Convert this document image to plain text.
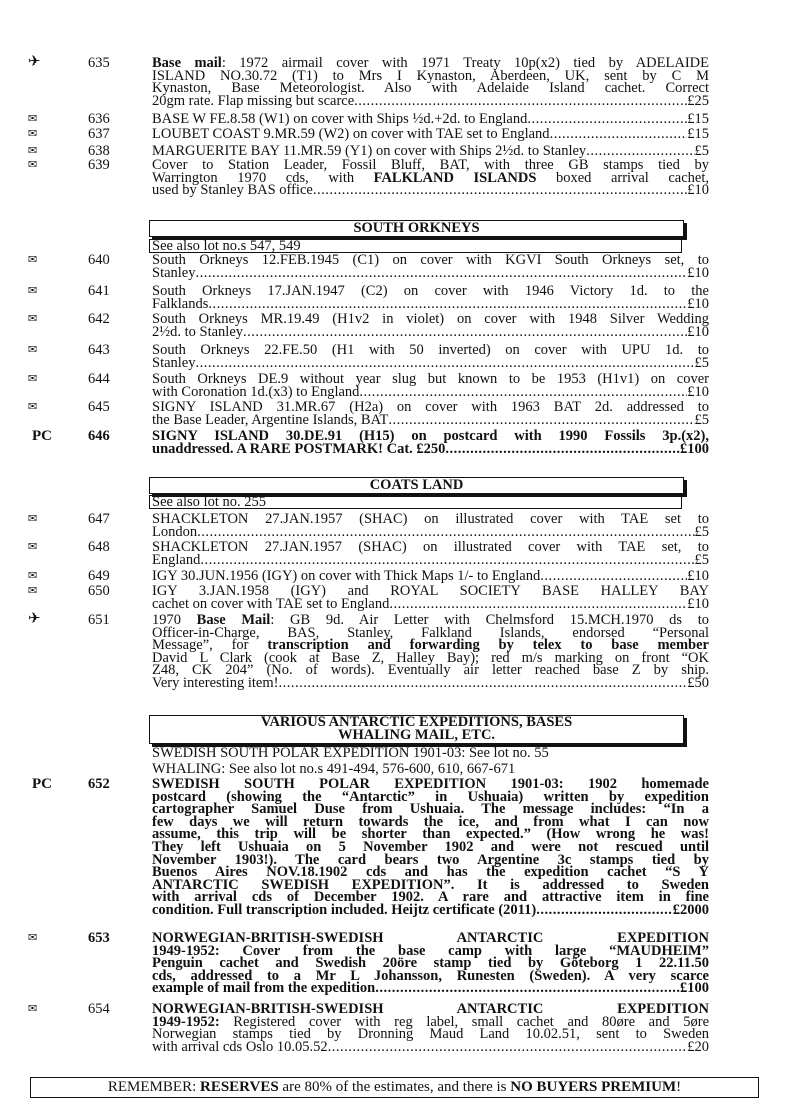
SOUTH ORKNEYS
See also lot no.s 547, 549
COATS LAND
See also lot no. 255
VARIOUS ANTARCTIC EXPEDITIONS, BASES
WHALING MAIL, ETC.
SWEDISH SOUTH POLAR EXPEDITION 1901-03: See lot no. 55
WHALING: See also lot no.s 491-494, 576-600, 610, 667-671
✈	635	Base mail: 1972 airmail cover with 1971 Treaty 10p(x2) tied by ADELAIDE
ISLAND NO.30.72 (T1) to Mrs I Kynaston, Aberdeen, UK, sent by C M
Kynaston, Base Meteorologist. Also with Adelaide Island cachet. Correct
20gm rate. Flap missing but scarce .....	£25
✉	636	BASE W FE.8.58 (W1) on cover with Ships ½d.+2d. to England .....	£15
✉	637	LOUBET COAST 9.MR.59 (W2) on cover with TAE set to England .....	£15
✉	638	MARGUERITE BAY 11.MR.59 (Y1) on cover with Ships 2½d. to Stanley .....	£5
✉	639	Cover to Station Leader, Fossil Bluff, BAT, with three GB stamps tied by
Warrington 1970 cds, with FALKLAND ISLANDS boxed arrival cachet,
used by Stanley BAS office .....	£10
✉	640	South Orkneys 12.FEB.1945 (C1) on cover with KGVI South Orkneys set, to
Stanley .....	£10
✉	641	South Orkneys 17.JAN.1947 (C2) on cover with 1946 Victory 1d. to the
Falklands .....	£10
✉	642	South Orkneys MR.19.49 (H1v2 in violet) on cover with 1948 Silver Wedding
2½d. to Stanley .....	£10
✉	643	South Orkneys 22.FE.50 (H1 with 50 inverted) on cover with UPU 1d. to
Stanley .....	£5
✉	644	South Orkneys DE.9 without year slug but known to be 1953 (H1v1) on cover
with Coronation 1d.(x3) to England .....	£10
✉	645	SIGNY ISLAND 31.MR.67 (H2a) on cover with 1963 BAT 2d. addressed to
the Base Leader, Argentine Islands, BAT .....	£5
PC 646	SIGNY ISLAND 30.DE.91 (H15) on postcard with 1990 Fossils 3p.(x2),
unaddressed. A RARE POSTMARK! Cat. £250 .....	£100
✉	647	SHACKLETON 27.JAN.1957 (SHAC) on illustrated cover with TAE set to
London .....	£5
✉	648	SHACKLETON 27.JAN.1957 (SHAC) on illustrated cover with TAE set, to
England .....	£5
✉	649	IGY 30.JUN.1956 (IGY) on cover with Thick Maps 1/- to England .....	£10
✉	650	IGY 3.JAN.1958 (IGY) and ROYAL SOCIETY BASE HALLEY BAY
cachet on cover with TAE set to England .....	£10
✈	651	1970 Base Mail: GB 9d. Air Letter with Chelmsford 15.MCH.1970 ds to
Officer-in-Charge, BAS, Stanley, Falkland Islands, endorsed “Personal
Message”, for transcription and forwarding by telex to base member
David L Clark (cook at Base Z, Halley Bay); red m/s marking on front “OK
Z48, CK 204” (No. of words). Eventually air letter reached base Z by ship.
Very interesting item! .....	£50
PC 652	SWEDISH SOUTH POLAR EXPEDITION 1901-03: 1902 homemade
postcard (showing the “Antarctic” in Ushuaia) written by expedition
cartographer Samuel Duse from Ushuaia. The message includes: “In a
few days we will return towards the ice, and from what I can now
assume, this trip will be shorter than expected.” (How wrong he was!
They left Ushuaia on 5 November 1902 and were not rescued until
November 1903!). The card bears two Argentine 3c stamps tied by
Buenos Aires NOV.18.1902 cds and has the expedition cachet “S Y
ANTARCTIC SWEDISH EXPEDITION”. It is addressed to Sweden
with arrival cds of December 1902. A rare and attractive item in fine
condition. Full transcription included. Heijtz certificate (2011) .....	£2000
✉	653	NORWEGIAN-BRITISH-SWEDISH ANTARCTIC EXPEDITION
1949-1952: Cover from the base camp with large “MAUDHEIM”
Penguin cachet and Swedish 20öre stamp tied by Göteborg 1 22.11.50
cds, addressed to a Mr L Johansson, Runesten (Sweden). A very scarce
example of mail from the expedition .....	£100
✉	654	NORWEGIAN-BRITISH-SWEDISH ANTARCTIC EXPEDITION
1949-1952: Registered cover with reg label, small cachet and 80øre and 5øre
Norwegian stamps tied by Dronning Maud Land 10.02.51, sent to Sweden
with arrival cds Oslo 10.05.52 .....	£20
REMEMBER: RESERVES are 80% of the estimates, and there is NO BUYERS PREMIUM!
